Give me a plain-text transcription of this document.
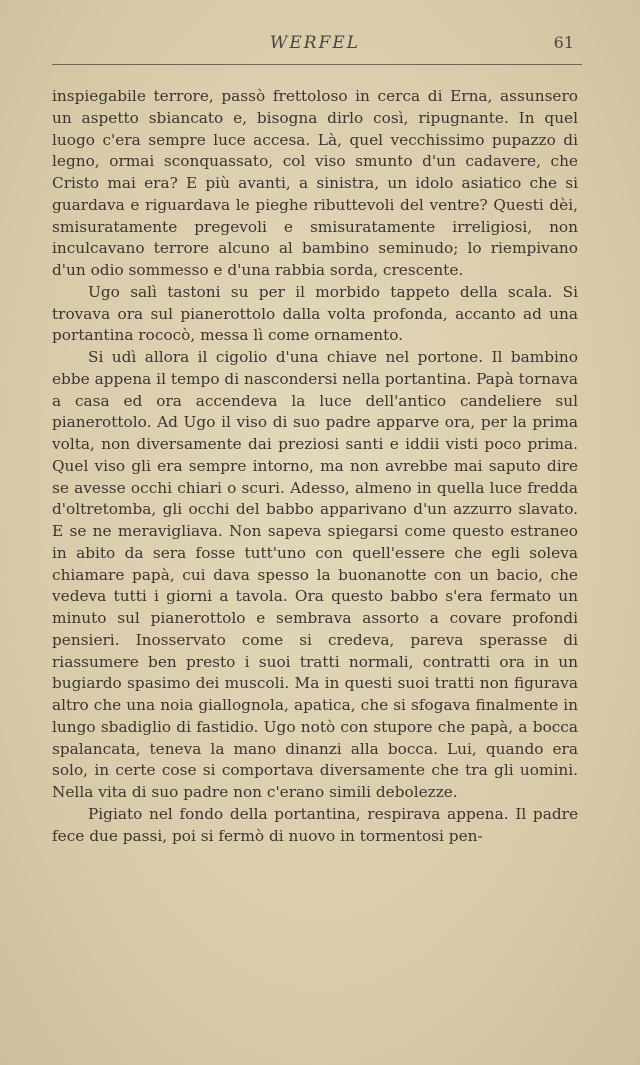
WERFEL	61

inspiegabile terrore, passò frettoloso in cerca di Erna, assunsero un aspetto sbiancato e, bisogna dirlo così, ripugnante. In quel luogo c'era sempre luce accesa. Là, quel vecchissimo pupazzo di legno, ormai sconquassato, col viso smunto d'un cadavere, che Cristo mai era? E più avanti, a sinistra, un idolo asiatico che si guardava e riguardava le pieghe ributtevoli del ventre? Questi dèi, smisuratamente pregevoli e smisuratamente irreligiosi, non inculcavano terrore alcuno al bambino seminudo; lo riempivano d'un odio sommesso e d'una rabbia sorda, crescente.

Ugo salì tastoni su per il morbido tappeto della scala. Si trovava ora sul pianerottolo dalla volta profonda, accanto ad una portantina rococò, messa lì come ornamento.

Si udì allora il cigolio d'una chiave nel portone. Il bambino ebbe appena il tempo di nascondersi nella portantina. Papà tornava a casa ed ora accendeva la luce dell'antico candeliere sul pianerottolo. Ad Ugo il viso di suo padre apparve ora, per la prima volta, non diversamente dai preziosi santi e iddii visti poco prima. Quel viso gli era sempre intorno, ma non avrebbe mai saputo dire se avesse occhi chiari o scuri. Adesso, almeno in quella luce fredda d'oltretomba, gli occhi del babbo apparivano d'un azzurro slavato. E se ne meravigliava. Non sapeva spiegarsi come questo estraneo in abito da sera fosse tutt'uno con quell'essere che egli soleva chiamare papà, cui dava spesso la buonanotte con un bacio, che vedeva tutti i giorni a tavola. Ora questo babbo s'era fermato un minuto sul pianerottolo e sembrava assorto a covare profondi pensieri. Inosservato come si credeva, pareva sperasse di riassumere ben presto i suoi tratti normali, contratti ora in un bugiardo spasimo dei muscoli. Ma in questi suoi tratti non figurava altro che una noia giallognola, apatica, che si sfogava finalmente in lungo sbadiglio di fastidio. Ugo notò con stupore che papà, a bocca spalancata, teneva la mano dinanzi alla bocca. Lui, quando era solo, in certe cose si comportava diversamente che tra gli uomini. Nella vita di suo padre non c'erano simili debolezze.

Pigiato nel fondo della portantina, respirava appena. Il padre fece due passi, poi si fermò di nuovo in tormentosi pen-
